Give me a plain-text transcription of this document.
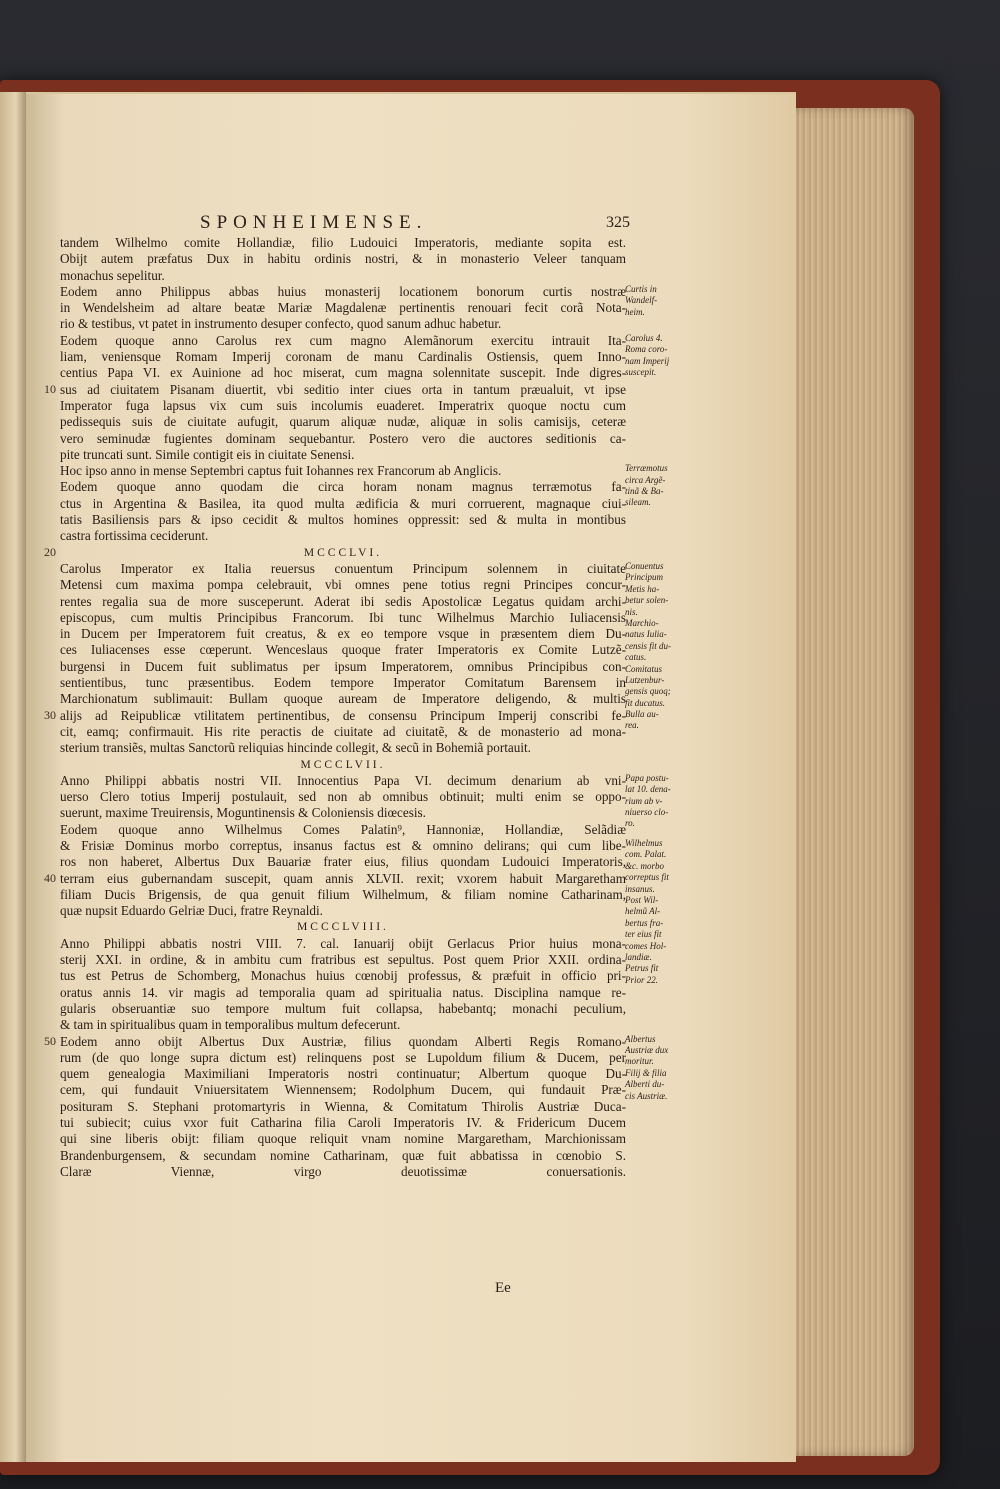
SPONHEIMENSE.	325
tandem Wilhelmo comite Hollandiæ, filio Ludouici Imperatoris, mediante sopita est.
Obijt autem præfatus Dux in habitu ordinis nostri, & in monasterio Veleer tanquam
monachus sepelitur.
Eodem anno Philippus abbas huius monasterij locationem bonorum curtis nostræ
in Wendelsheim ad altare beatæ Mariæ Magdalenæ pertinentis renouari fecit corã Nota-
rio & testibus, vt patet in instrumento desuper confecto, quod sanum adhuc habetur.
Eodem quoque anno Carolus rex cum magno Alemãnorum exercitu intrauit Ita-
liam, veniensque Romam Imperij coronam de manu Cardinalis Ostiensis, quem Inno-
centius Papa VI. ex Auinione ad hoc miserat, cum magna solennitate suscepit. Inde digres-
sus ad ciuitatem Pisanam diuertit, vbi seditio inter ciues orta in tantum præualuit, vt ipse
Imperator fuga lapsus vix cum suis incolumis euaderet. Imperatrix quoque noctu cum
pedissequis suis de ciuitate aufugit, quarum aliquæ nudæ, aliquæ in solis camisijs, ceteræ
vero seminudæ fugientes dominam sequebantur. Postero vero die auctores seditionis ca-
pite truncati sunt. Simile contigit eis in ciuitate Senensi.
Hoc ipso anno in mense Septembri captus fuit Iohannes rex Francorum ab Anglicis.
Eodem quoque anno quodam die circa horam nonam magnus terræmotus fa-
ctus in Argentina & Basilea, ita quod multa ædificia & muri corruerent, magnaque ciui-
tatis Basiliensis pars & ipso cecidit & multos homines oppressit: sed & multa in montibus
castra fortissima ceciderunt.
MCCCLVI.
Carolus Imperator ex Italia reuersus conuentum Principum solennem in ciuitate
Metensi cum maxima pompa celebrauit, vbi omnes pene totius regni Principes concur-
rentes regalia sua de more susceperunt. Aderat ibi sedis Apostolicæ Legatus quidam archi-
episcopus, cum multis Principibus Francorum. Ibi tunc Wilhelmus Marchio Iuliacensis
in Ducem per Imperatorem fuit creatus, & ex eo tempore vsque in præsentem diem Du-
ces Iuliacenses esse cœperunt. Wenceslaus quoque frater Imperatoris ex Comite Lutzẽ-
burgensi in Ducem fuit sublimatus per ipsum Imperatorem, omnibus Principibus con-
sentientibus, tunc præsentibus. Eodem tempore Imperator Comitatum Barensem in
Marchionatum sublimauit: Bullam quoque auream de Imperatore deligendo, & multis
alijs ad Reipublicæ vtilitatem pertinentibus, de consensu Principum Imperij conscribi fe-
cit, eamq; confirmauit. His rite peractis de ciuitate ad ciuitatẽ, & de monasterio ad mona-
sterium transiẽs, multas Sanctorũ reliquias hincinde collegit, & secũ in Bohemiã portauit.
MCCCLVII.
Anno Philippi abbatis nostri VII. Innocentius Papa VI. decimum denarium ab vni-
uerso Clero totius Imperij postulauit, sed non ab omnibus obtinuit; multi enim se oppo-
suerunt, maxime Treuirensis, Moguntinensis & Coloniensis diœcesis.
Eodem quoque anno Wilhelmus Comes Palatin⁹, Hannoniæ, Hollandiæ, Selãdiæ
& Frisiæ Dominus morbo correptus, insanus factus est & omnino delirans; qui cum libe-
ros non haberet, Albertus Dux Bauariæ frater eius, filius quondam Ludouici Imperatoris,
terram eius gubernandam suscepit, quam annis XLVII. rexit; vxorem habuit Margaretham
filiam Ducis Brigensis, de qua genuit filium Wilhelmum, & filiam nomine Catharinam,
quæ nupsit Eduardo Gelriæ Duci, fratre Reynaldi.
MCCCLVIII.
Anno Philippi abbatis nostri VIII. 7. cal. Ianuarij obijt Gerlacus Prior huius mona-
sterij XXI. in ordine, & in ambitu cum fratribus est sepultus. Post quem Prior XXII. ordina-
tus est Petrus de Schomberg, Monachus huius cœnobij professus, & præfuit in officio pri-
oratus annis 14. vir magis ad temporalia quam ad spiritualia natus. Disciplina namque re-
gularis obseruantiæ suo tempore multum fuit collapsa, habebantq; monachi peculium,
& tam in spiritualibus quam in temporalibus multum defecerunt.
Eodem anno obijt Albertus Dux Austriæ, filius quondam Alberti Regis Romano-
rum (de quo longe supra dictum est) relinquens post se Lupoldum filium & Ducem, per
quem genealogia Maximiliani Imperatoris nostri continuatur; Albertum quoque Du-
cem, qui fundauit Vniuersitatem Wiennensem; Rodolphum Ducem, qui fundauit Præ-
posituram S. Stephani protomartyris in Wienna, & Comitatum Thirolis Austriæ Duca-
tui subiecit; cuius vxor fuit Catharina filia Caroli Imperatoris IV. & Fridericum Ducem
qui sine liberis obijt: filiam quoque reliquit vnam nomine Margaretham, Marchionissam
Brandenburgensem, & secundam nomine Catharinam, quæ fuit abbatissa in cœnobio S.
Claræ Viennæ, virgo deuotissimæ conuersationis.
Curtis in
Wandelf-
heim.
Carolus 4.
Roma coro-
nam Imperij
suscepit.
Terræmotus
circa Argẽ-
tinã & Ba-
sileam.
Conuentus
Principum
Metis ha-
betur solen-
nis.
Marchio-
natus Iulia-
censis fit du-
catus.
Comitatus
Lutzenbur-
gensis quoq;
fit ducatus.
Bulla au-
rea.
Papa postu-
lat 10. dena-
rium ab v-
niuerso clo-
ro.
Wilhelmus
com. Palat.
&c. morbo
correptus fit
insanus.
Post Wil-
helmũ Al-
bertus fra-
ter eius fit
comes Hol-
landiæ.
Petrus fit
Prior 22.
Albertus
Austriæ dux
moritur.
Filij & filia
Alberti du-
cis Austriæ.
10
20
30
40
50
Ee
